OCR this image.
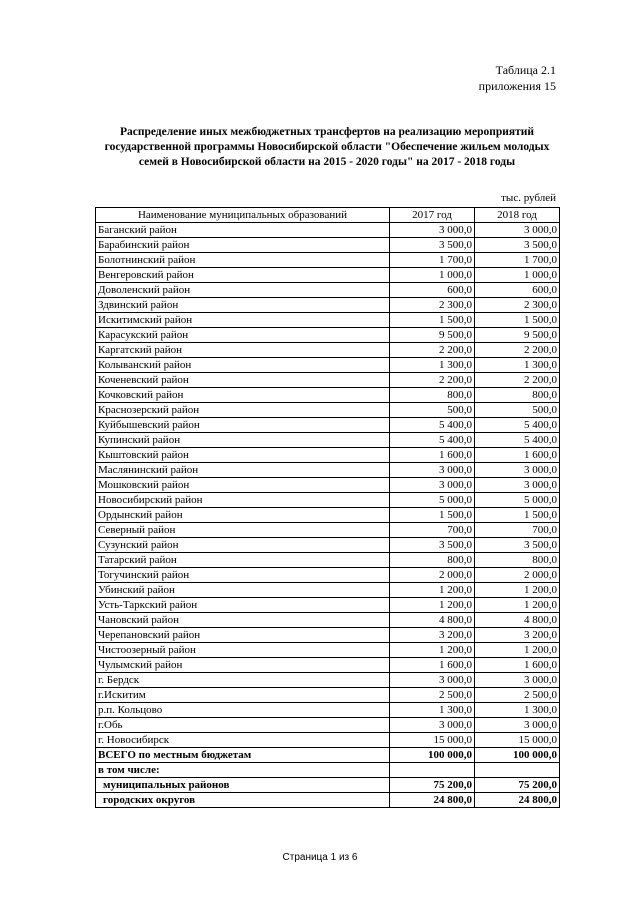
Таблица 2.1
приложения 15
Распределение иных межбюджетных трансфертов на реализацию мероприятий
государственной программы Новосибирской области "Обеспечение жильем молодых
семей в Новосибирской области на 2015 - 2020 годы" на 2017 - 2018 годы
тыс. рублей
Наименование муниципальных образований	2017 год	2018 год
Баганский район	3 000,0	3 000,0
Барабинский район	3 500,0	3 500,0
Болотнинский район	1 700,0	1 700,0
Венгеровский район	1 000,0	1 000,0
Доволенский район	600,0	600,0
Здвинский район	2 300,0	2 300,0
Искитимский район	1 500,0	1 500,0
Карасукский район	9 500,0	9 500,0
Каргатский район	2 200,0	2 200,0
Колыванский район	1 300,0	1 300,0
Коченевский район	2 200,0	2 200,0
Кочковский район	800,0	800,0
Краснозерский район	500,0	500,0
Куйбышевский район	5 400,0	5 400,0
Купинский район	5 400,0	5 400,0
Кыштовский район	1 600,0	1 600,0
Маслянинский район	3 000,0	3 000,0
Мошковский район	3 000,0	3 000,0
Новосибирский район	5 000,0	5 000,0
Ордынский район	1 500,0	1 500,0
Северный район	700,0	700,0
Сузунский район	3 500,0	3 500,0
Татарский район	800,0	800,0
Тогучинский район	2 000,0	2 000,0
Убинский район	1 200,0	1 200,0
Усть-Таркский район	1 200,0	1 200,0
Чановский район	4 800,0	4 800,0
Черепановский район	3 200,0	3 200,0
Чистоозерный район	1 200,0	1 200,0
Чулымский район	1 600,0	1 600,0
г. Бердск	3 000,0	3 000,0
г.Искитим	2 500,0	2 500,0
р.п. Кольцово	1 300,0	1 300,0
г.Обь	3 000,0	3 000,0
г. Новосибирск	15 000,0	15 000,0
ВСЕГО по местным бюджетам	100 000,0	100 000,0
в том числе:		
муниципальных районов	75 200,0	75 200,0
городских округов	24 800,0	24 800,0
Страница 1 из 6
